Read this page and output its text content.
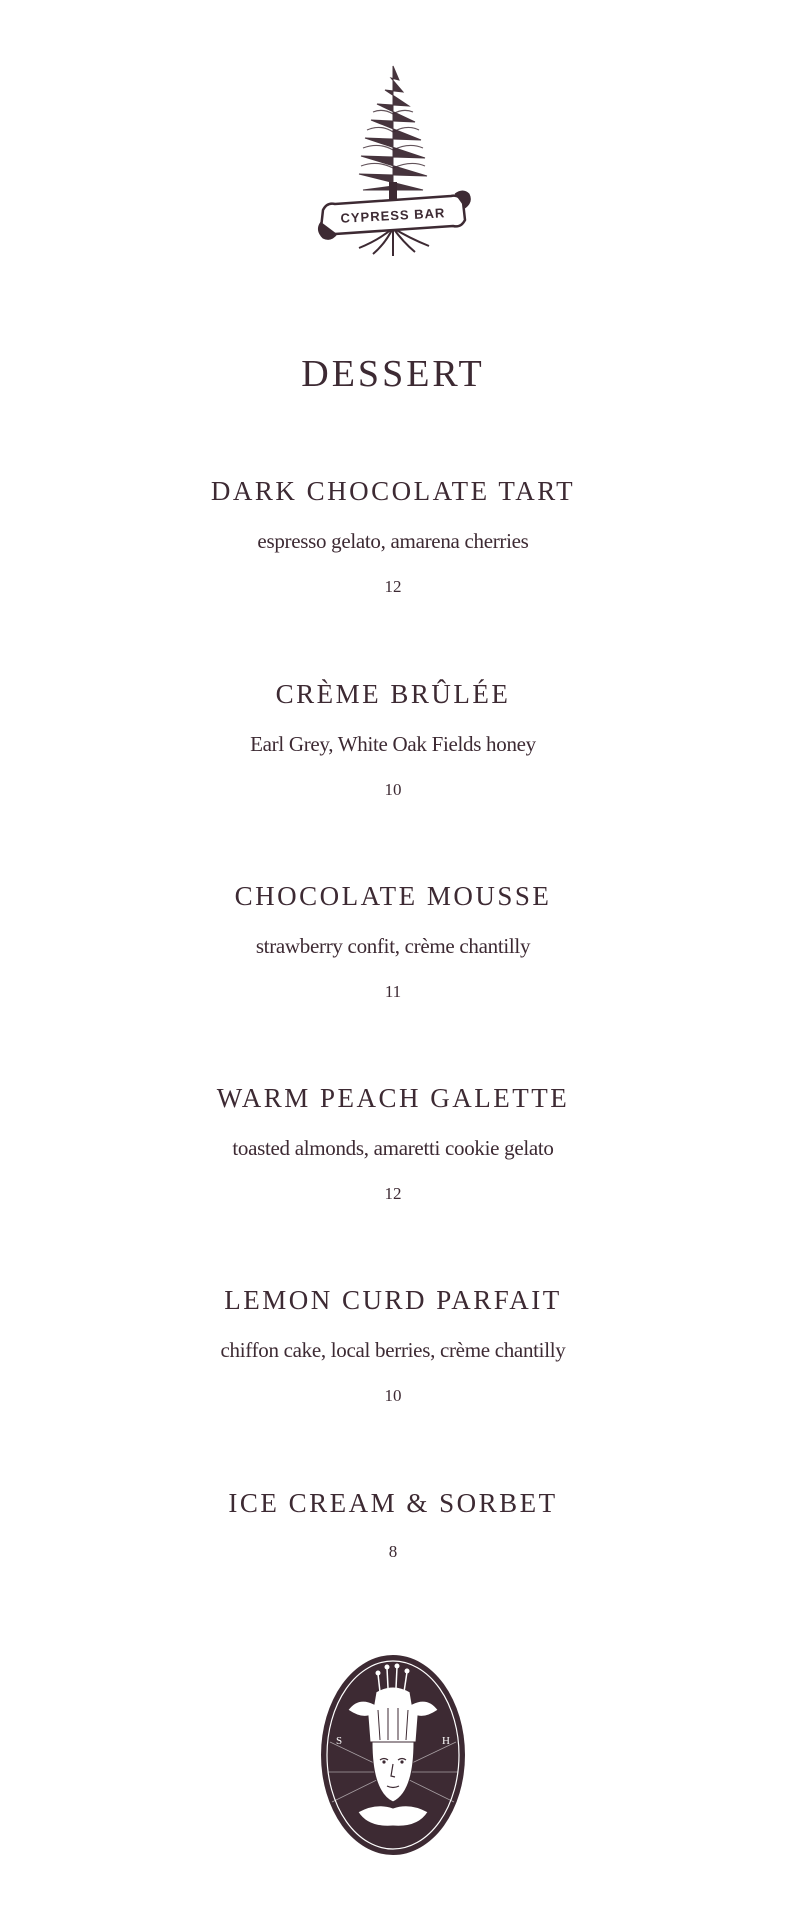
CYPRESS BAR
DESSERT
DARK CHOCOLATE TART
espresso gelato, amarena cherries
12
CRÈME BRÛLÉE
Earl Grey, White Oak Fields honey
10
CHOCOLATE MOUSSE
strawberry confit, crème chantilly
11
WARM PEACH GALETTE
toasted almonds, amaretti cookie gelato
12
LEMON CURD PARFAIT
chiffon cake, local berries, crème chantilly
10
ICE CREAM & SORBET
8
S	H
